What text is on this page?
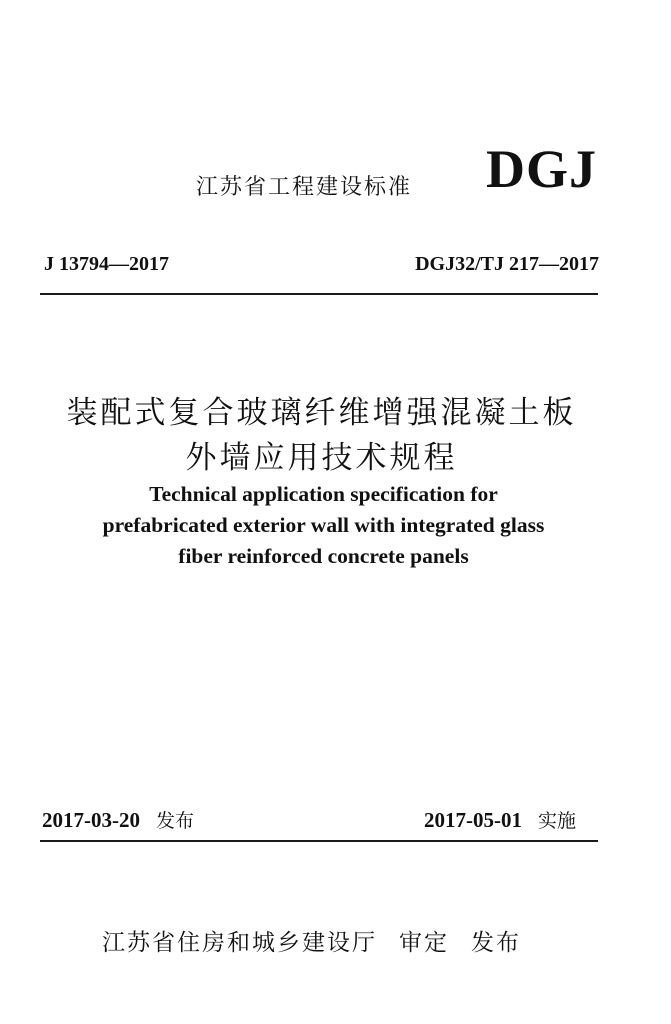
江苏省工程建设标准 DGJ
J 13794—2017	DGJ32/TJ 217—2017
装配式复合玻璃纤维增强混凝土板
外墙应用技术规程
Technical application specification for
prefabricated exterior wall with integrated glass
fiber reinforced concrete panels
2017-03-20 发布	2017-05-01 实施
江苏省住房和城乡建设厅 审定 发布
